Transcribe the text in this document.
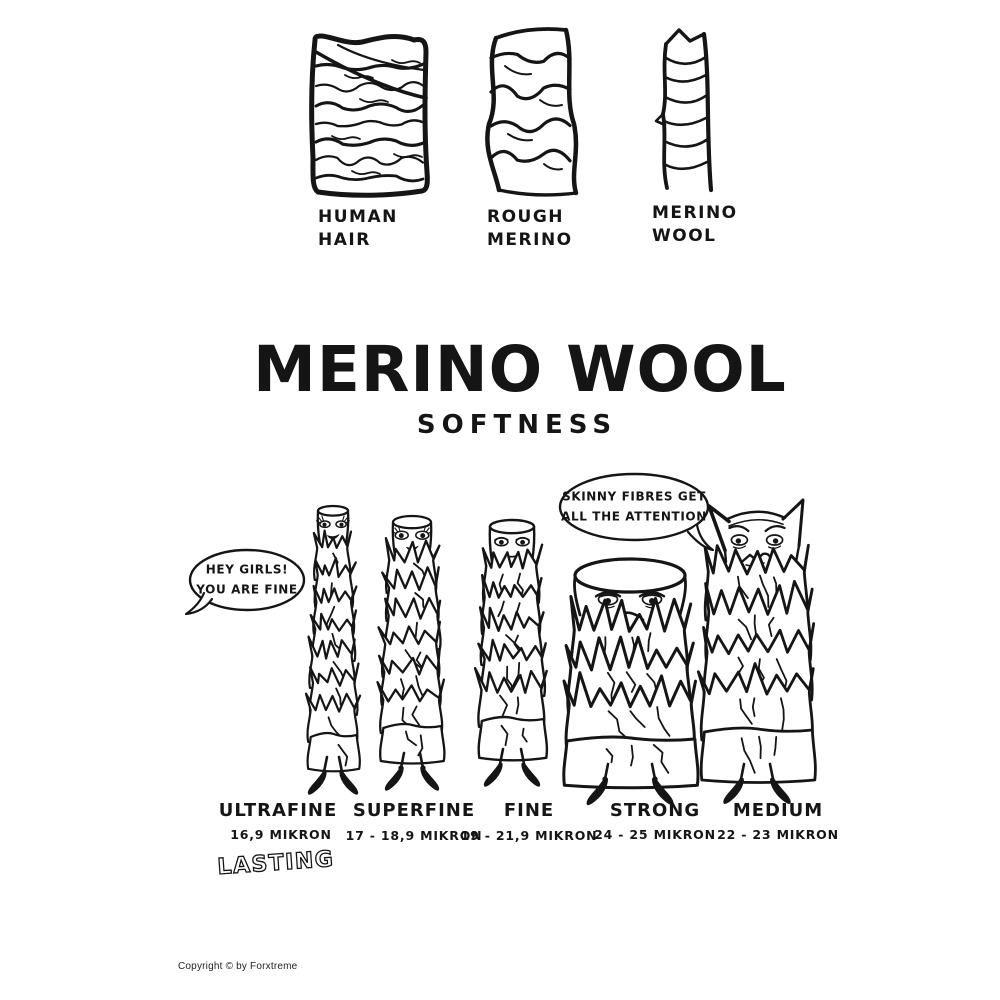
LASTING
HUMAN
HAIR
ROUGH
MERINO
MERINO
WOOL
MERINO WOOL
SOFTNESS
HEY GIRLS!
YOU ARE FINE
SKINNY FIBRES GET
ALL THE ATTENTION
ULTRAFINE SUPERFINE FINE	STRONG MEDIUM
16,9 MIKRON 17 - 18,9 MIKRON
19 - 21,9 MIKRON
24 - 25 MIKRON 22 - 23 MIKRON
Copyright © by Forxtreme
